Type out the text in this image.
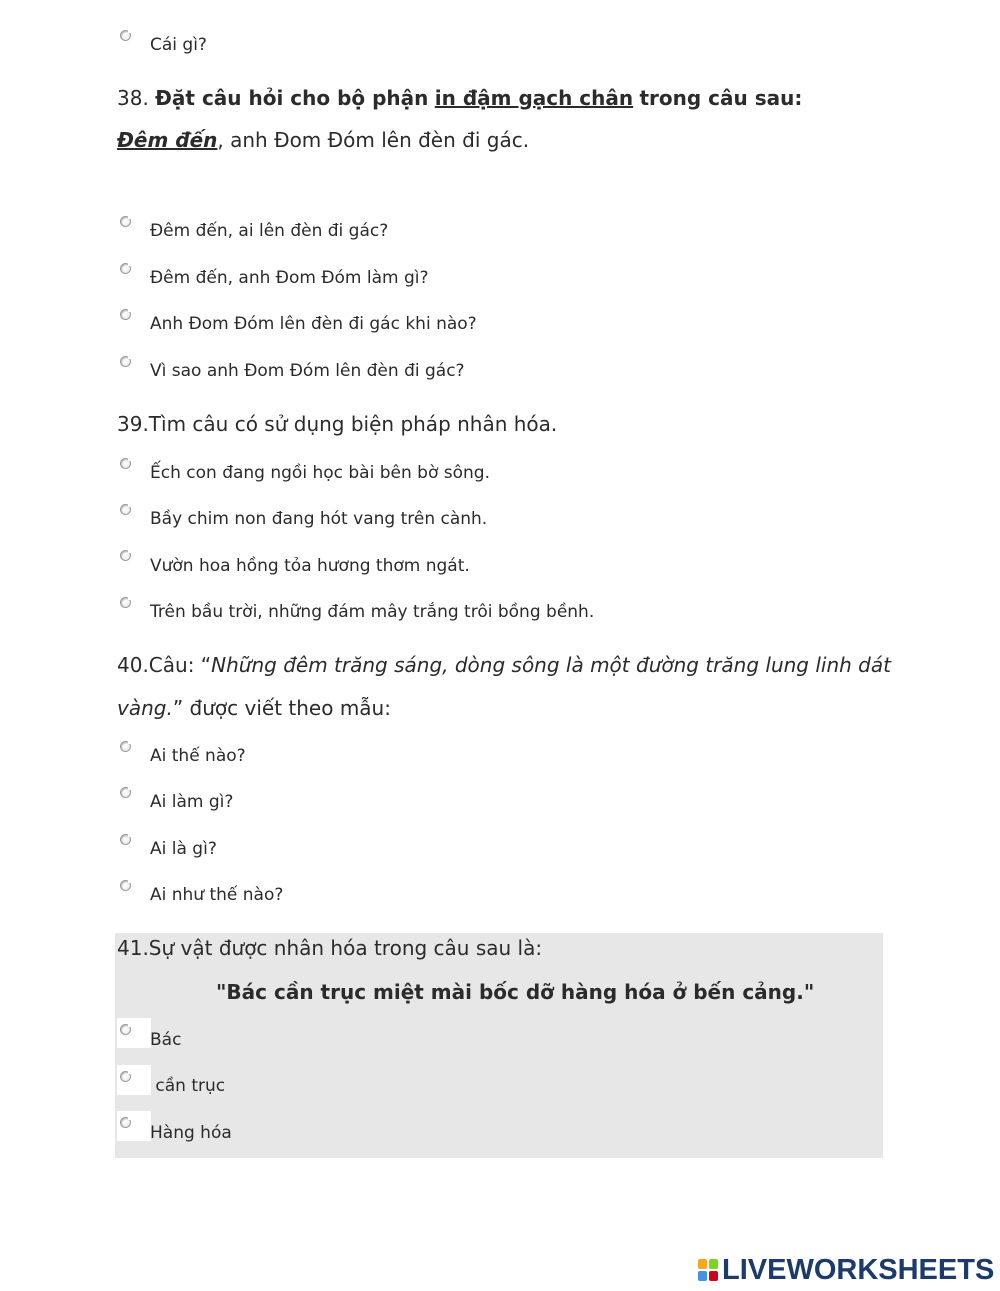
Cái gì?
38. Đặt câu hỏi cho bộ phận in đậm gạch chân trong câu sau:
Đêm đến, anh Đom Đóm lên đèn đi gác.
Đêm đến, ai lên đèn đi gác?
Đêm đến, anh Đom Đóm làm gì?
Anh Đom Đóm lên đèn đi gác khi nào?
Vì sao anh Đom Đóm lên đèn đi gác?
39.Tìm câu có sử dụng biện pháp nhân hóa.
Ếch con đang ngồi học bài bên bờ sông.
Bầy chim non đang hót vang trên cành.
Vườn hoa hồng tỏa hương thơm ngát.
Trên bầu trời, những đám mây trắng trôi bồng bềnh.
40.Câu: “Những đêm trăng sáng, dòng sông là một đường trăng lung linh dát
vàng.” được viết theo mẫu:
Ai thế nào?
Ai làm gì?
Ai là gì?
Ai như thế nào?
41.Sự vật được nhân hóa trong câu sau là:
"Bác cần trục miệt mài bốc dỡ hàng hóa ở bến cảng."
Bác
cần trục
Hàng hóa
LIVEWORKSHEETS
